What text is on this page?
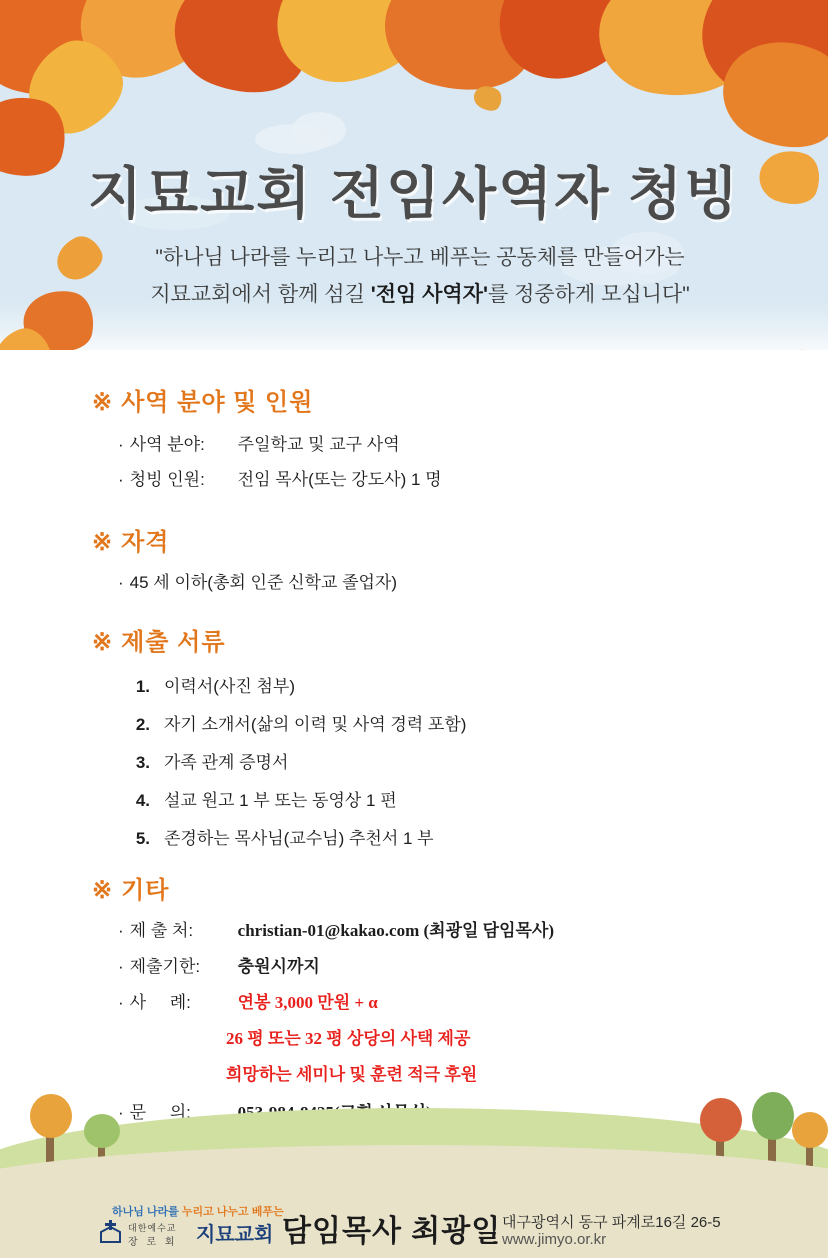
지묘교회 전임사역자 청빙
"하나님 나라를 누리고 나누고 베푸는 공동체를 만들어가는
지묘교회에서 함께 섬길 '전임 사역자'를 정중하게 모십니다"
※ 사역 분야 및 인원
· 사역 분야: 주일학교 및 교구 사역
· 청빙 인원: 전임 목사(또는 강도사) 1 명
※ 자격
· 45 세 이하(총회 인준 신학교 졸업자)
※ 제출 서류
1. 이력서(사진 첨부)
2. 자기 소개서(삶의 이력 및 사역 경력 포함)
3. 가족 관계 증명서
4. 설교 원고 1 부 또는 동영상 1 편
5. 존경하는 목사님(교수님) 추천서 1 부
※ 기타
· 제 출 처:	christian-01@kakao.com (최광일 담임목사)
· 제출기한: 충원시까지
· 사     례:	연봉 3,000 만원 + α
26 평 또는 32 평 상당의 사택 제공
희망하는 세미나 및 훈련 적극 후원
· 문     의:
하나님 나라를 누리고 나누고 베푸는
대한예수교
장 로 회 지묘교회 담임목사 최광일 대구광역시 동구 파계로16길 26-5
www.jimyo.or.kr
